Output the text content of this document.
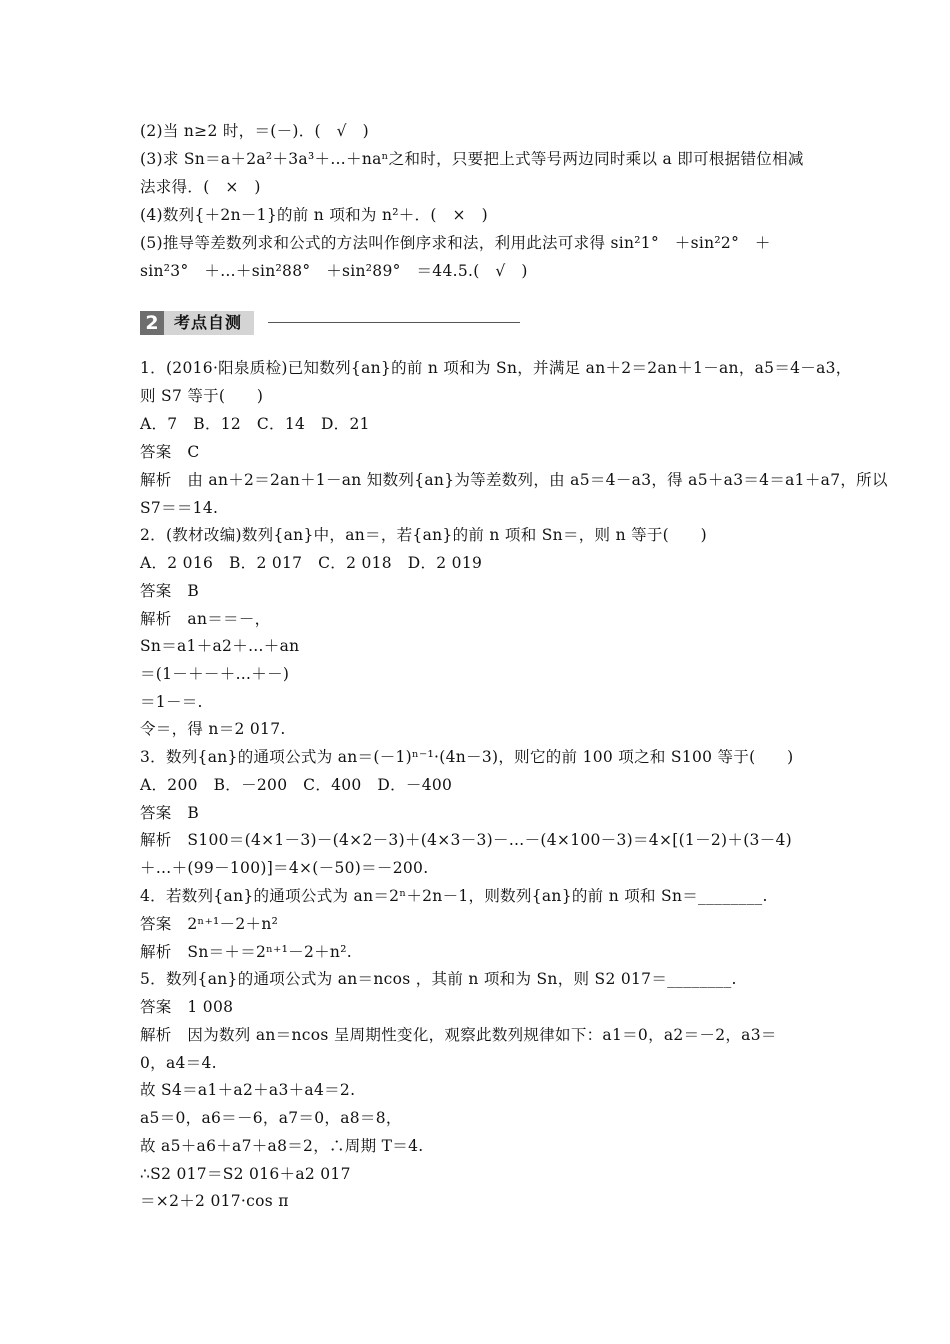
(2)当 n≥2 时，＝(－)．(　√　)
(3)求 Sn＝a＋2a²＋3a³＋…＋naⁿ之和时，只要把上式等号两边同时乘以 a 即可根据错位相减
法求得．(　×　)
(4)数列{＋2n－1}的前 n 项和为 n²＋．(　×　)
(5)推导等差数列求和公式的方法叫作倒序求和法，利用此法可求得 sin²1°　＋sin²2°　＋
sin²3°　＋…＋sin²88°　＋sin²89°　＝44.5.(　√　)
2 考点自测
1．(2016·阳泉质检)已知数列{an}的前 n 项和为 Sn，并满足 an＋2＝2an＋1－an，a5＝4－a3，
则 S7 等于(　　)
A．7　B．12　C．14　D．21
答案　C
解析　由 an＋2＝2an＋1－an 知数列{an}为等差数列，由 a5＝4－a3，得 a5＋a3＝4＝a1＋a7，所以
S7＝＝14.
2．(教材改编)数列{an}中，an＝，若{an}的前 n 项和 Sn＝，则 n 等于(　　)
A．2 016　B．2 017　C．2 018　D．2 019
答案　B
解析　an＝＝－，
Sn＝a1＋a2＋…＋an
＝(1－＋－＋…＋－)
＝1－＝.
令＝，得 n＝2 017.
3．数列{an}的通项公式为 an＝(－1)ⁿ⁻¹·(4n－3)，则它的前 100 项之和 S100 等于(　　)
A．200　B．－200　C．400　D．－400
答案　B
解析　S100＝(4×1－3)－(4×2－3)＋(4×3－3)－…－(4×100－3)＝4×[(1－2)＋(3－4)
＋…＋(99－100)]＝4×(－50)＝－200.
4．若数列{an}的通项公式为 an＝2ⁿ＋2n－1，则数列{an}的前 n 项和 Sn＝________.
答案　2ⁿ⁺¹－2＋n²
解析　Sn＝＋＝2ⁿ⁺¹－2＋n².
5．数列{an}的通项公式为 an＝ncos ，其前 n 项和为 Sn，则 S2 017＝________.
答案　1 008
解析　因为数列 an＝ncos 呈周期性变化，观察此数列规律如下：a1＝0，a2＝－2，a3＝
0，a4＝4.
故 S4＝a1＋a2＋a3＋a4＝2.
a5＝0，a6＝－6，a7＝0，a8＝8，
故 a5＋a6＋a7＋a8＝2，∴周期 T＝4.
∴S2 017＝S2 016＋a2 017
＝×2＋2 017·cos π
